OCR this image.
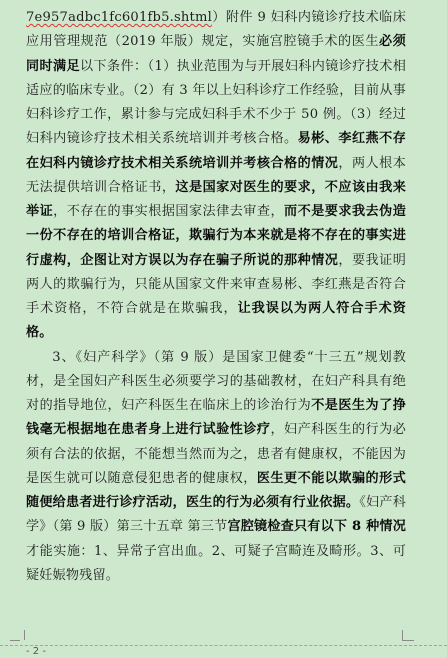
7e957adbc1fc601fb5.shtml）附件 9 妇科内镜诊疗技术临床应用管理规范（2019 年版）规定，实施宫腔镜手术的医生必须同时满足以下条件：（1）执业范围为与开展妇科内镜诊疗技术相适应的临床专业。（2）有 3 年以上妇科诊疗工作经验，目前从事妇科诊疗工作，累计参与完成妇科手术不少于 50 例。（3）经过妇科内镜诊疗技术相关系统培训并考核合格。易彬、李红燕不存在妇科内镜诊疗技术相关系统培训并考核合格的情况，两人根本无法提供培训合格证书，这是国家对医生的要求，不应该由我来举证，不存在的事实根据国家法律去审查，而不是要求我去伪造一份不存在的培训合格证，欺骗行为本来就是将不存在的事实进行虚构，企图让对方误以为存在骗子所说的那种情况，要我证明两人的欺骗行为，只能从国家文件来审查易彬、李红燕是否符合手术资格，不符合就是在欺骗我，让我误以为两人符合手术资格。

3、《妇产科学》（第 9 版）是国家卫健委“十三五”规划教材，是全国妇产科医生必须要学习的基础教材，在妇产科具有绝对的指导地位，妇产科医生在临床上的诊治行为不是医生为了挣钱毫无根据地在患者身上进行试验性诊疗，妇产科医生的行为必须有合法的依据，不能想当然而为之，患者有健康权，不能因为是医生就可以随意侵犯患者的健康权，医生更不能以欺骗的形式随便给患者进行诊疗活动，医生的行为必须有行业依据。《妇产科学》（第 9 版）第三十五章 第三节宫腔镜检查只有以下 8 种情况才能实施：1、异常子宫出血。2、可疑子宫畸连及畸形。3、可疑妊娠物残留。

- 2 -
